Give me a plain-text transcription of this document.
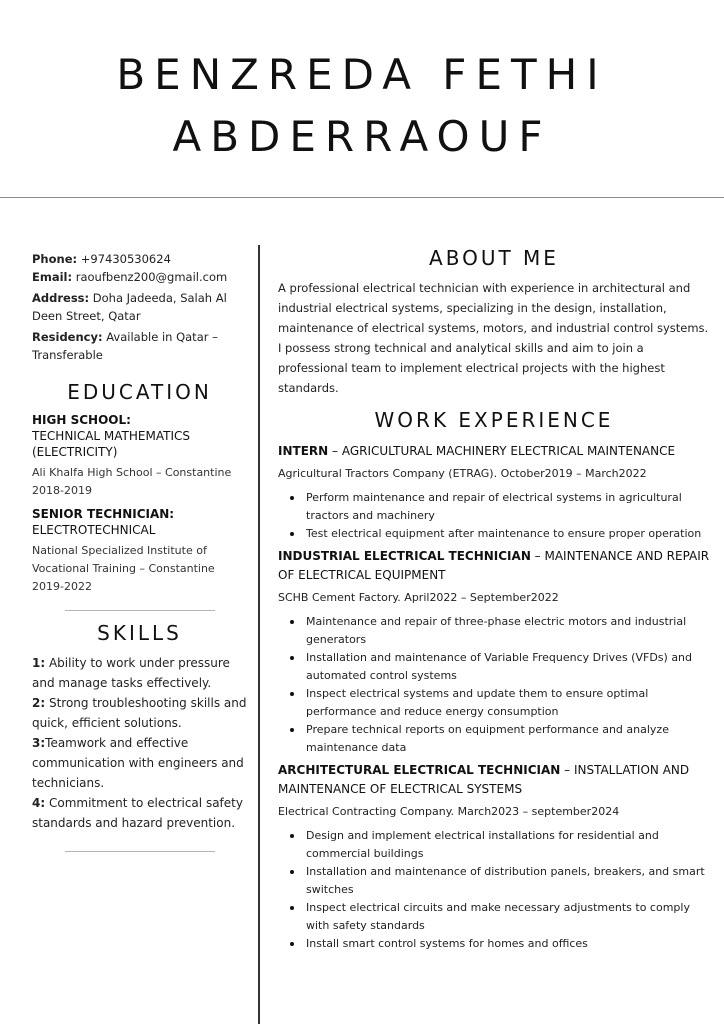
BENZREDA FETHI
ABDERRAOUF
Phone: +97430530624
Email: raoufbenz200@gmail.com
Address: Doha Jadeeda, Salah Al Deen Street, Qatar
Residency: Available in Qatar – Transferable
EDUCATION
HIGH SCHOOL:
TECHNICAL MATHEMATICS (ELECTRICITY)
Ali Khalfa High School – Constantine
2018-2019
SENIOR TECHNICIAN:
ELECTROTECHNICAL
National Specialized Institute of Vocational Training – Constantine
2019-2022
SKILLS
1: Ability to work under pressure and manage tasks effectively.
2: Strong troubleshooting skills and quick, efficient solutions.
3:Teamwork and effective communication with engineers and technicians.
4: Commitment to electrical safety standards and hazard prevention.
ABOUT ME
A professional electrical technician with experience in architectural and industrial electrical systems, specializing in the design, installation, maintenance of electrical systems, motors, and industrial control systems. I possess strong technical and analytical skills and aim to join a professional team to implement electrical projects with the highest standards.
WORK EXPERIENCE
INTERN – AGRICULTURAL MACHINERY ELECTRICAL MAINTENANCE
Agricultural Tractors Company (ETRAG). October2019 – March2022
Perform maintenance and repair of electrical systems in agricultural tractors and machinery
Test electrical equipment after maintenance to ensure proper operation
INDUSTRIAL ELECTRICAL TECHNICIAN – MAINTENANCE AND REPAIR OF ELECTRICAL EQUIPMENT
SCHB Cement Factory. April2022 – September2022
Maintenance and repair of three-phase electric motors and industrial generators
Installation and maintenance of Variable Frequency Drives (VFDs) and automated control systems
Inspect electrical systems and update them to ensure optimal performance and reduce energy consumption
Prepare technical reports on equipment performance and analyze maintenance data
ARCHITECTURAL ELECTRICAL TECHNICIAN – INSTALLATION AND MAINTENANCE OF ELECTRICAL SYSTEMS
Electrical Contracting Company. March2023 – september2024
Design and implement electrical installations for residential and commercial buildings
Installation and maintenance of distribution panels, breakers, and smart switches
Inspect electrical circuits and make necessary adjustments to comply with safety standards
Install smart control systems for homes and offices
